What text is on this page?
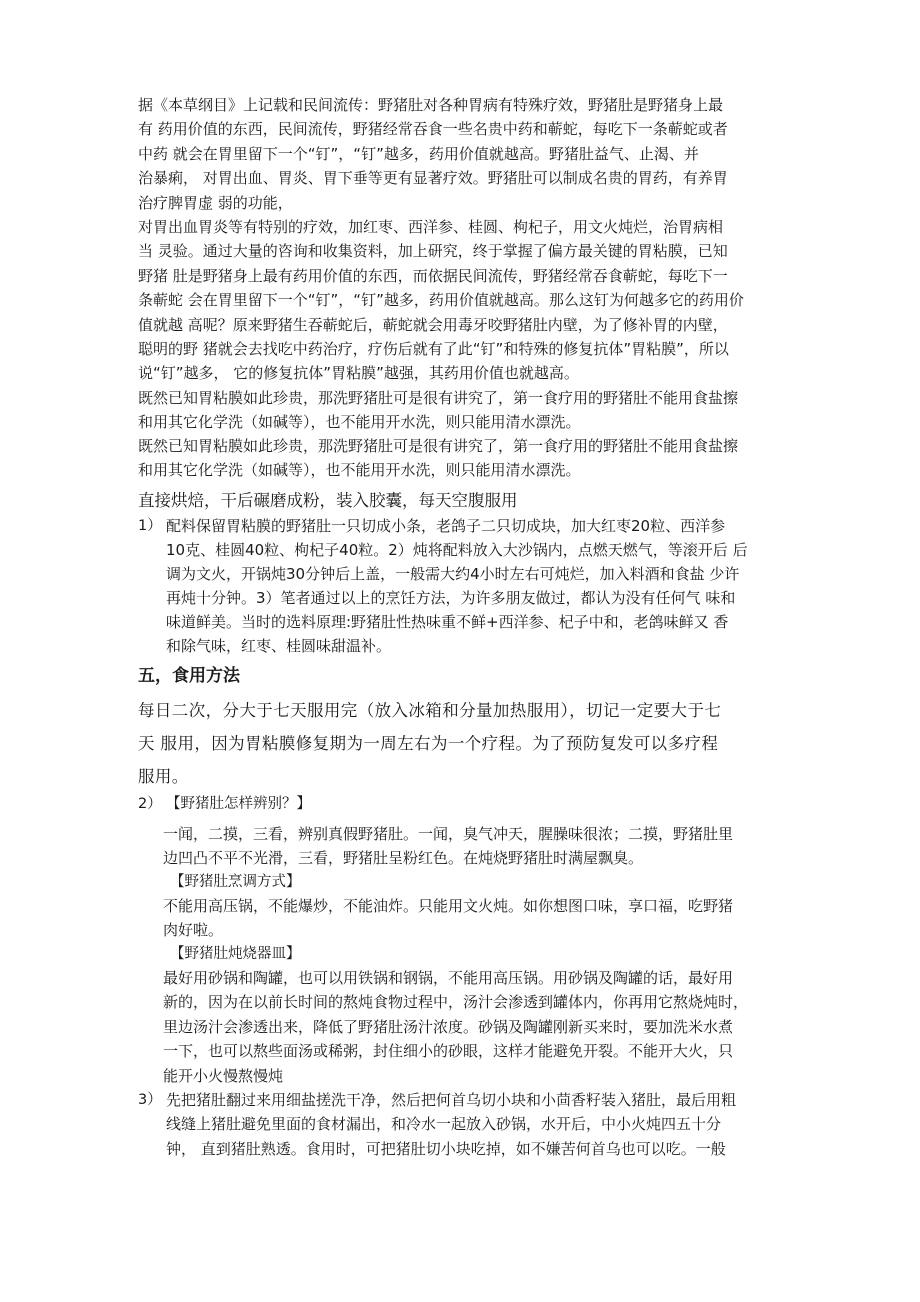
据《本草纲目》上记载和民间流传：野猪肚对各种胃病有特殊疗效，野猪肚是野猪身上最
有 药用价值的东西，民间流传，野猪经常吞食一些名贵中药和蕲蛇，每吃下一条蕲蛇或者
中药 就会在胃里留下一个“钉”，“钉”越多，药用价值就越高。野猪肚益气、止渴、并
治暴痢， 对胃出血、胃炎、胃下垂等更有显著疗效。野猪肚可以制成名贵的胃药，有养胃
治疗脾胃虚 弱的功能，
对胃出血胃炎等有特别的疗效，加红枣、西洋参、桂圆、枸杞子，用文火炖烂，治胃病相
当 灵验。通过大量的咨询和收集资料，加上研究，终于掌握了偏方最关键的胃粘膜，已知
野猪 肚是野猪身上最有药用价值的东西，而依据民间流传，野猪经常吞食蕲蛇，每吃下一
条蕲蛇 会在胃里留下一个“钉”，“钉”越多，药用价值就越高。那么这钉为何越多它的药用价
值就越 高呢？原来野猪生吞蕲蛇后，蕲蛇就会用毒牙咬野猪肚内壁，为了修补胃的内壁，
聪明的野 猪就会去找吃中药治疗，疗伤后就有了此“钉”和特殊的修复抗体”胃粘膜”，所以
说“钉”越多， 它的修复抗体”胃粘膜”越强，其药用价值也就越高。
既然已知胃粘膜如此珍贵，那洗野猪肚可是很有讲究了，第一食疗用的野猪肚不能用食盐擦
和用其它化学洗（如碱等），也不能用开水洗，则只能用清水漂洗。
既然已知胃粘膜如此珍贵，那洗野猪肚可是很有讲究了，第一食疗用的野猪肚不能用食盐擦
和用其它化学洗（如碱等），也不能用开水洗，则只能用清水漂洗。
直接烘焙，干后碾磨成粉，装入胶囊，每天空腹服用
1） 配料保留胃粘膜的野猪肚一只切成小条，老鸽子二只切成块，加大红枣20粒、西洋参
10克、桂圆40粒、枸杞子40粒。2）炖将配料放入大沙锅内，点燃天燃气，等滚开后 后
调为文火，开锅炖30分钟后上盖，一般需大约4小时左右可炖烂，加入料酒和食盐 少许
再炖十分钟。3）笔者通过以上的烹饪方法，为许多朋友做过，都认为没有任何气 味和
味道鲜美。当时的选料原理:野猪肚性热味重不鲜+西洋参、杞子中和，老鸽味鲜又 香
和除气味，红枣、桂圆味甜温补。
五，食用方法
每日二次，分大于七天服用完（放入冰箱和分量加热服用），切记一定要大于七
天 服用，因为胃粘膜修复期为一周左右为一个疗程。为了预防复发可以多疗程
服用。
2） 【野猪肚怎样辨别？】
一闻，二摸，三看，辨别真假野猪肚。一闻，臭气冲天，腥臊味很浓；二摸，野猪肚里
边凹凸不平不光滑，三看，野猪肚呈粉红色。在炖烧野猪肚时满屋飘臭。
【野猪肚烹调方式】
不能用高压锅，不能爆炒，不能油炸。只能用文火炖。如你想图口味，享口福，吃野猪
肉好啦。
【野猪肚炖烧器皿】
最好用砂锅和陶罐，也可以用铁锅和钢锅，不能用高压锅。用砂锅及陶罐的话，最好用
新的，因为在以前长时间的熬炖食物过程中，汤汁会渗透到罐体内，你再用它熬烧炖时，
里边汤汁会渗透出来，降低了野猪肚汤汁浓度。砂锅及陶罐刚新买来时，要加洗米水煮
一下，也可以熬些面汤或稀粥，封住细小的砂眼，这样才能避免开裂。不能开大火，只
能开小火慢熬慢炖
3） 先把猪肚翻过来用细盐搓洗干净，然后把何首乌切小块和小茴香籽装入猪肚，最后用粗
线缝上猪肚避免里面的食材漏出，和冷水一起放入砂锅，水开后，中小火炖四五十分
钟， 直到猪肚熟透。食用时，可把猪肚切小块吃掉，如不嫌苦何首乌也可以吃。一般
